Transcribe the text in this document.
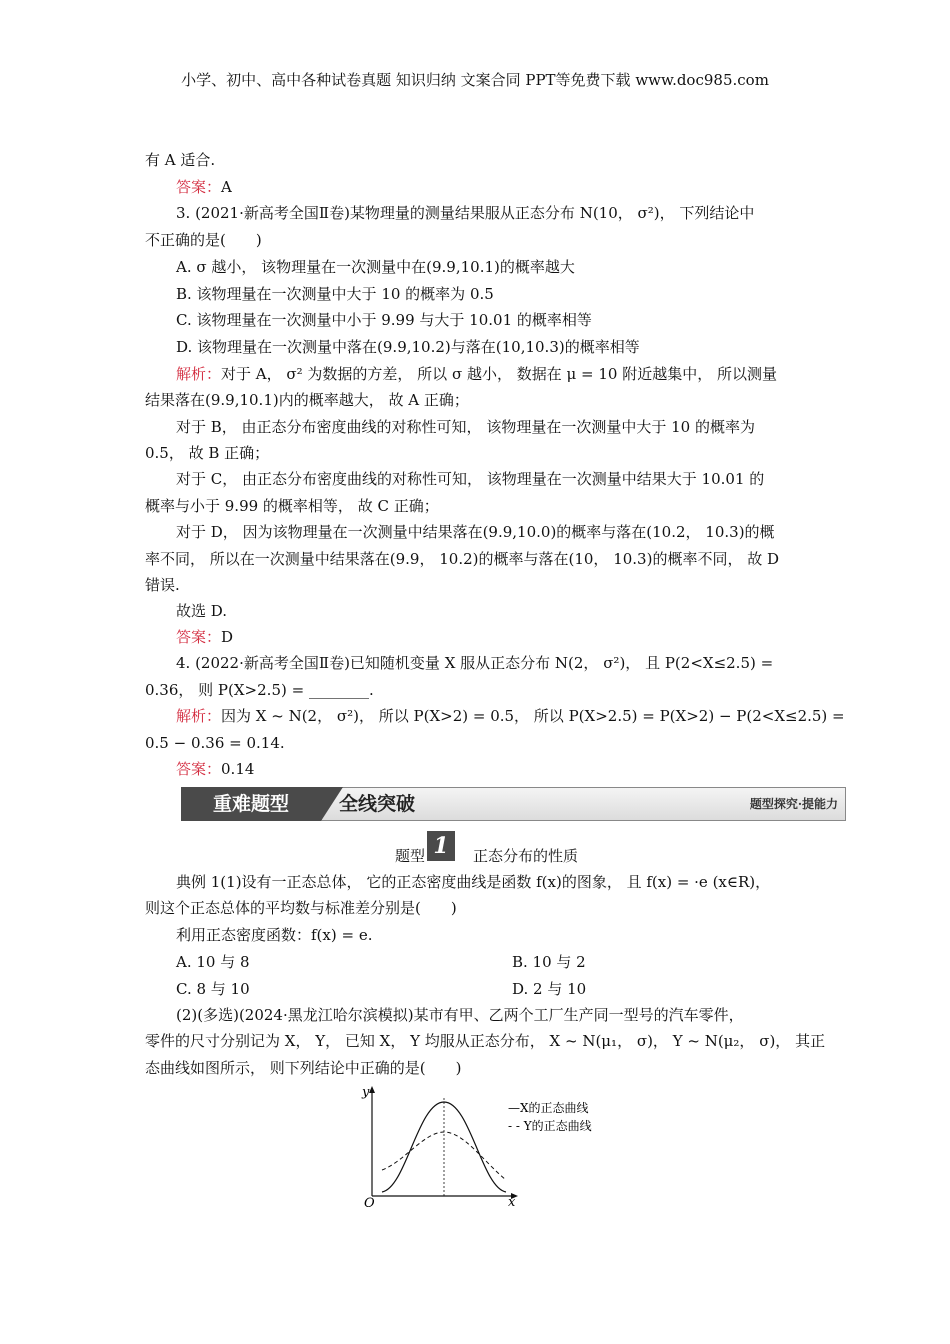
小学、初中、高中各种试卷真题 知识归纳 文案合同 PPT等免费下载 www.doc985.com
有 A 适合.
答案：A
3. (2021·新高考全国Ⅱ卷)某物理量的测量结果服从正态分布 N(10， σ²)， 下列结论中
不正确的是(　　)
A. σ 越小， 该物理量在一次测量中在(9.9,10.1)的概率越大
B. 该物理量在一次测量中大于 10 的概率为 0.5
C. 该物理量在一次测量中小于 9.99 与大于 10.01 的概率相等
D. 该物理量在一次测量中落在(9.9,10.2)与落在(10,10.3)的概率相等
解析：对于 A， σ² 为数据的方差， 所以 σ 越小， 数据在 μ = 10 附近越集中， 所以测量
结果落在(9.9,10.1)内的概率越大， 故 A 正确；
对于 B， 由正态分布密度曲线的对称性可知， 该物理量在一次测量中大于 10 的概率为
0.5， 故 B 正确；
对于 C， 由正态分布密度曲线的对称性可知， 该物理量在一次测量中结果大于 10.01 的
概率与小于 9.99 的概率相等， 故 C 正确；
对于 D， 因为该物理量在一次测量中结果落在(9.9,10.0)的概率与落在(10.2， 10.3)的概
率不同， 所以在一次测量中结果落在(9.9， 10.2)的概率与落在(10， 10.3)的概率不同， 故 D
错误.
故选 D.
答案：D
4. (2022·新高考全国Ⅱ卷)已知随机变量 X 服从正态分布 N(2， σ²)， 且 P(2<X≤2.5) =
0.36， 则 P(X>2.5) = ________.
解析：因为 X ~ N(2， σ²)， 所以 P(X>2) = 0.5， 所以 P(X>2.5) = P(X>2) − P(2<X≤2.5) =
0.5 − 0.36 = 0.14.
答案：0.14
重难题型	全线突破	题型探究·提能力
题型 1	正态分布的性质
典例 1(1)设有一正态总体， 它的正态密度曲线是函数 f(x)的图象， 且 f(x) = ·e (x∈R)，
则这个正态总体的平均数与标准差分别是(　　)
利用正态密度函数：f(x) = e.
A. 10 与 8	B. 10 与 2
C. 8 与 10	D. 2 与 10
(2)(多选)(2024·黑龙江哈尔滨模拟)某市有甲、乙两个工厂生产同一型号的汽车零件，
零件的尺寸分别记为 X， Y， 已知 X， Y 均服从正态分布， X ~ N(μ₁， σ)， Y ~ N(μ₂， σ)， 其正
态曲线如图所示， 则下列结论中正确的是(　　)
y
x
O
—X的正态曲线
- - Y的正态曲线
